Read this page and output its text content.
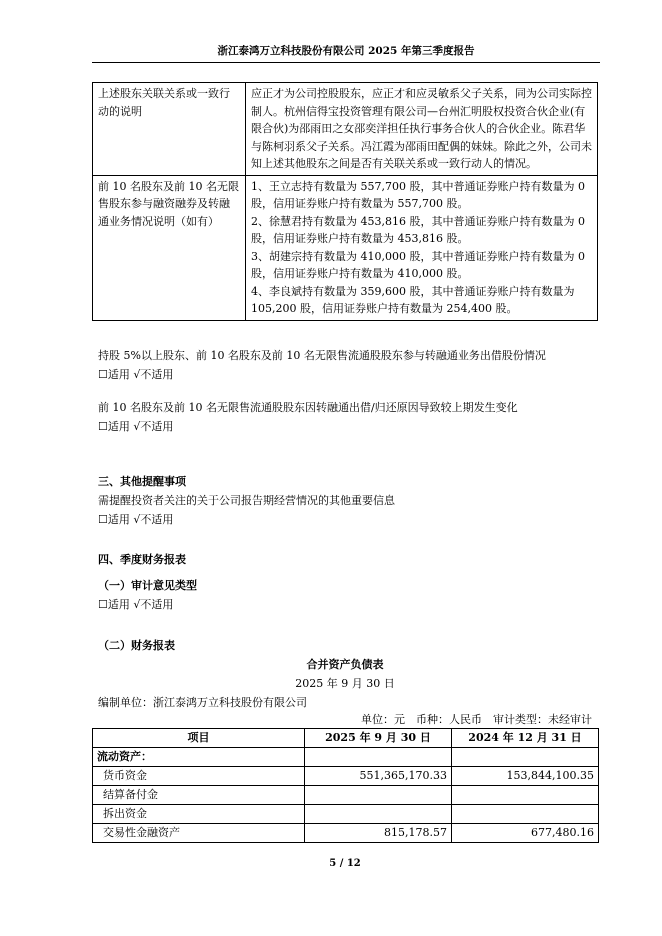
浙江泰鸿万立科技股份有限公司 2025 年第三季度报告
上述股东关联关系或一致行动的说明	应正才为公司控股股东，应正才和应灵敏系父子关系，同为公司实际控制人。杭州信得宝投资管理有限公司—台州汇明股权投资合伙企业(有限合伙)为邵雨田之女邵奕洋担任执行事务合伙人的合伙企业。陈君华与陈柯羽系父子关系。冯江霞为邵雨田配偶的妹妹。除此之外，公司未知上述其他股东之间是否有关联关系或一致行动人的情况。
前 10 名股东及前 10 名无限售股东参与融资融券及转融通业务情况说明（如有）	1、王立志持有数量为 557,700 股，其中普通证券账户持有数量为 0 股，信用证券账户持有数量为 557,700 股。
2、徐慧君持有数量为 453,816 股，其中普通证券账户持有数量为 0 股，信用证券账户持有数量为 453,816 股。
3、胡建宗持有数量为 410,000 股，其中普通证券账户持有数量为 0 股，信用证券账户持有数量为 410,000 股。
4、李良斌持有数量为 359,600 股，其中普通证券账户持有数量为 105,200 股，信用证券账户持有数量为 254,400 股。
持股 5%以上股东、前 10 名股东及前 10 名无限售流通股股东参与转融通业务出借股份情况
☐适用 √不适用
前 10 名股东及前 10 名无限售流通股股东因转融通出借/归还原因导致较上期发生变化
☐适用 √不适用
三、其他提醒事项
需提醒投资者关注的关于公司报告期经营情况的其他重要信息
☐适用 √不适用
四、季度财务报表
（一）审计意见类型
☐适用 √不适用
（二）财务报表
合并资产负债表
2025 年 9 月 30 日
编制单位：浙江泰鸿万立科技股份有限公司
单位：元　币种：人民币　审计类型：未经审计
项目	2025 年 9 月 30 日	2024 年 12 月 31 日
流动资产：		
货币资金	551,365,170.33	153,844,100.35
结算备付金		
拆出资金		
交易性金融资产	815,178.57	677,480.16
5 / 12
